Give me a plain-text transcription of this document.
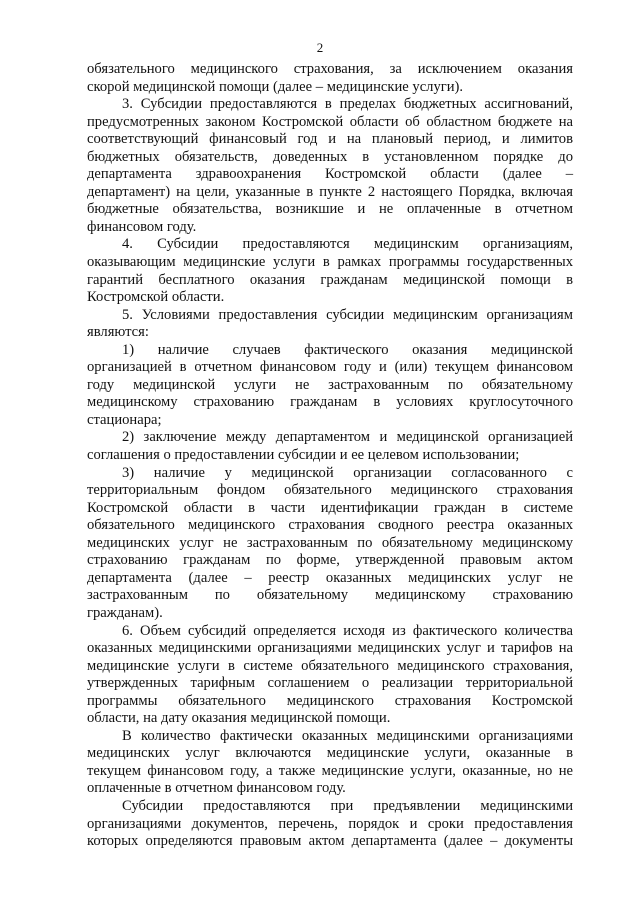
2

обязательного медицинского страхования, за исключением оказания

скорой медицинской помощи (далее – медицинские услуги).

3. Субсидии предоставляются в пределах бюджетных ассигнований,

предусмотренных законом Костромской области об областном бюджете на

соответствующий финансовый год и на плановый период, и лимитов

бюджетных обязательств, доведенных в установленном порядке до

департамента здравоохранения Костромской области (далее –

департамент) на цели, указанные в пункте 2 настоящего Порядка, включая

бюджетные обязательства, возникшие и не оплаченные в отчетном

финансовом году.

4. Субсидии предоставляются медицинским организациям,

оказывающим медицинские услуги в рамках программы государственных

гарантий бесплатного оказания гражданам медицинской помощи в

Костромской области.

5. Условиями предоставления субсидии медицинским организациям

являются:

1) наличие случаев фактического оказания медицинской

организацией в отчетном финансовом году и (или) текущем финансовом

году медицинской услуги не застрахованным по обязательному

медицинскому страхованию гражданам в условиях круглосуточного

стационара;

2) заключение между департаментом и медицинской организацией

соглашения о предоставлении субсидии и ее целевом использовании;

3) наличие у медицинской организации согласованного с

территориальным фондом обязательного медицинского страхования

Костромской области в части идентификации граждан в системе

обязательного медицинского страхования сводного реестра оказанных

медицинских услуг не застрахованным по обязательному медицинскому

страхованию гражданам по форме, утвержденной правовым актом

департамента (далее – реестр оказанных медицинских услуг не

застрахованным по обязательному медицинскому страхованию

гражданам).

6. Объем субсидий определяется исходя из фактического количества

оказанных медицинскими организациями медицинских услуг и тарифов на

медицинские услуги в системе обязательного медицинского страхования,

утвержденных тарифным соглашением о реализации территориальной

программы обязательного медицинского страхования Костромской

области, на дату оказания медицинской помощи.

В количество фактически оказанных медицинскими организациями

медицинских услуг включаются медицинские услуги, оказанные в

текущем финансовом году, а также медицинские услуги, оказанные, но не

оплаченные в отчетном финансовом году.

Субсидии предоставляются при предъявлении медицинскими

организациями документов, перечень, порядок и сроки предоставления

которых определяются правовым актом департамента (далее – документы
